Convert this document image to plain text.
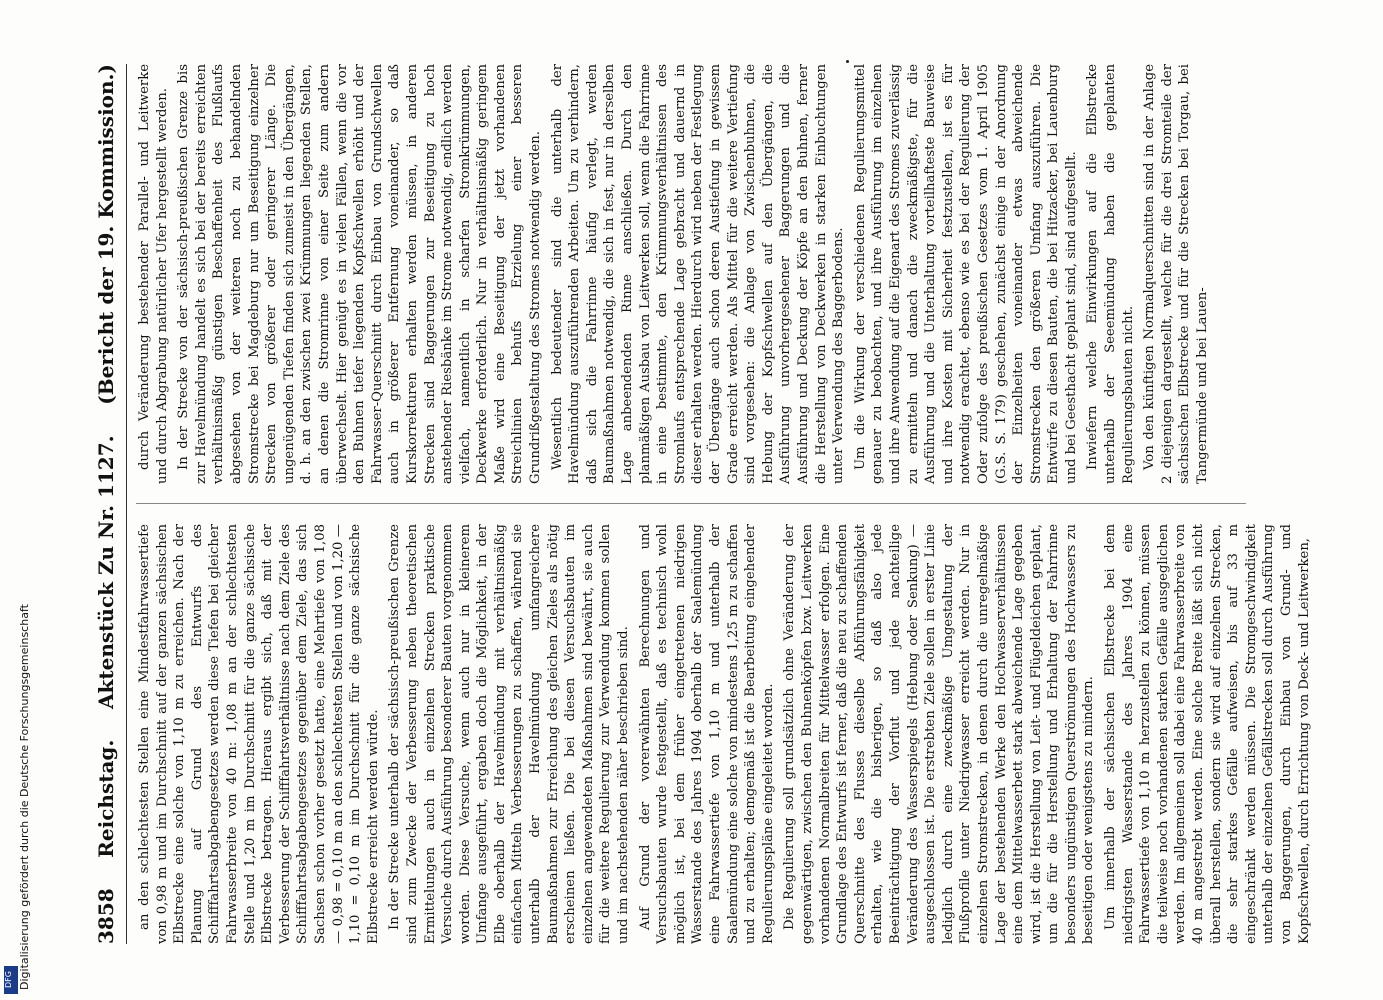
Digitalisierung gefördert durch die Deutsche Forschungsgemeinschaft
DFG
3858
Reichstag.
Aktenstück Zu Nr. 1127.
(Bericht der 19. Kommission.)

an den schlechtesten Stellen eine Mindestfahrwassertiefe von 0,98 m und im Durchschnitt auf der ganzen sächsischen Elbstrecke eine solche von 1,10 m zu erreichen. Nach der Planung auf Grund des Entwurfs des Schifffahrtsabgabengesetzes werden diese Tiefen bei gleicher Fahrwasserbreite von 40 m: 1,08 m an der schlechtesten Stelle und 1,20 m im Durchschnitt für die ganze sächsische Elbstrecke betragen. Hieraus ergibt sich, daß mit der Verbesserung der Schifffahrtsverhältnisse nach dem Ziele des Schifffahrtsabgabengesetzes gegenüber dem Ziele, das sich Sachsen schon vorher gesetzt hatte, eine Mehrtiefe von 1,08 — 0,98 = 0,10 m an den schlechtesten Stellen und von 1,20 — 1,10 = 0,10 m im Durchschnitt für die ganze sächsische Elbstrecke erreicht werden würde. In der Strecke unterhalb der sächsisch-preußischen Grenze sind zum Zwecke der Verbesserung neben theoretischen Ermittelungen auch in einzelnen Strecken praktische Versuche durch Ausführung besonderer Bauten vorgenommen worden. Diese Versuche, wenn auch nur in kleinerem Umfange ausgeführt, ergaben doch die Möglichkeit, in der Elbe oberhalb der Havelmündung mit verhältnismäßig einfachen Mitteln Verbesserungen zu schaffen, während sie unterhalb der Havelmündung umfangreichere Baumaßnahmen zur Erreichung des gleichen Zieles als nötig erscheinen ließen. Die bei diesen Versuchsbauten im einzelnen angewendeten Maßnahmen sind bewährt, sie auch für die weitere Regulierung zur Verwendung kommen sollen und im nachstehenden näher beschrieben sind. Auf Grund der vorerwähnten Berechnungen und Versuchsbauten wurde festgestellt, daß es technisch wohl möglich ist, bei dem früher eingetretenen niedrigen Wasserstande des Jahres 1904 oberhalb der Saalemündung eine Fahrwassertiefe von 1,10 m und unterhalb der Saalemündung eine solche von mindestens 1,25 m zu schaffen und zu erhalten; demgemäß ist die Bearbeitung eingehender Regulierungspläne eingeleitet worden. Die Regulierung soll grundsätzlich ohne Veränderung der gegenwärtigen, zwischen den Buhnenköpfen bzw. Leitwerken vorhandenen Normalbreiten für Mittelwasser erfolgen. Eine Grundlage des Entwurfs ist ferner, daß die neu zu schaffenden Querschnitte des Flusses dieselbe Abführungsfähigkeit erhalten, wie die bisherigen, so daß also jede Beeinträchtigung der Vorflut und jede nachteilige Veränderung des Wasserspiegels (Hebung oder Senkung) — ausgeschlossen ist. Die erstrebten Ziele sollen in erster Linie lediglich durch eine zweckmäßige Umgestaltung der Flußprofile unter Niedrigwasser erreicht werden. Nur in einzelnen Stromstrecken, in denen durch die unregelmäßige Lage der bestehenden Werke den Hochwasserverhältnissen eine dem Mittelwasserbett stark abweichende Lage gegeben wird, ist die Herstellung von Leit- und Flügeldeichen geplant, um die für die Herstellung und Erhaltung der Fahrrinne besonders ungünstigen Querströmungen des Hochwassers zu beseitigen oder wenigstens zu mindern. Um innerhalb der sächsischen Elbstrecke bei dem niedrigsten Wasserstande des Jahres 1904 eine Fahrwassertiefe von 1,10 m herzustellen zu können, müssen die teilweise noch vorhandenen starken Gefälle ausgeglichen werden. Im allgemeinen soll dabei eine Fahrwasserbreite von 40 m angestrebt werden. Eine solche Breite läßt sich nicht überall herstellen, sondern sie wird auf einzelnen Strecken, die sehr starkes Gefälle aufweisen, bis auf 33 m eingeschränkt werden müssen. Die Stromgeschwindigkeit unterhalb der einzelnen Gefällstrecken soll durch Ausführung von Baggerungen, durch Einbau von Grund- und Kopfschwellen, durch Errichtung von Deck- und Leitwerken,

durch Veränderung bestehender Parallel- und Leitwerke und durch Abgrabung natürlicher Ufer hergestellt werden. In der Strecke von der sächsisch-preußischen Grenze bis zur Havelmündung handelt es sich bei der bereits erreichten verhältnismäßig günstigen Beschaffenheit des Flußlaufs abgesehen von der weiteren noch zu behandelnden Stromstrecke bei Magdeburg nur um Beseitigung einzelner Strecken von größerer oder geringerer Länge. Die ungenügenden Tiefen finden sich zumeist in den Übergängen, d. h. an den zwischen zwei Krümmungen liegenden Stellen, an denen die Stromrinne von einer Seite zum andern überwechselt. Hier genügt es in vielen Fällen, wenn die vor den Buhnen tiefer liegenden Kopfschwellen erhöht und der Fahrwasser-Querschnitt durch Einbau von Grundschwellen auch in größerer Entfernung voneinander, so daß Kurskorrekturen erhalten werden müssen, in anderen Strecken sind Baggerungen zur Beseitigung zu hoch anstehender Riesbänke im Strome notwendig, endlich werden vielfach, namentlich in scharfen Stromkrümmungen, Deckwerke erforderlich. Nur in verhältnismäßig geringem Maße wird eine Beseitigung der jetzt vorhandenen Streichlinien behufs Erzielung einer besseren Grundrißgestaltung des Stromes notwendig werden. Wesentlich bedeutender sind die unterhalb der Havelmündung auszuführenden Arbeiten. Um zu verhindern, daß sich die Fahrrinne häufig verlegt, werden Baumaßnahmen notwendig, die sich in fest, nur in derselben Lage anbeendenden Rinne anschließen. Durch den planmäßigen Ausbau von Leitwerken soll, wenn die Fahrrinne in eine bestimmte, den Krümmungsverhältnissen des Stromlaufs entsprechende Lage gebracht und dauernd in dieser erhalten werden. Hierdurch wird neben der Festlegung der Übergänge auch schon deren Austiefung in gewissem Grade erreicht werden. Als Mittel für die weitere Vertiefung sind vorgesehen: die Anlage von Zwischenbuhnen, die Hebung der Kopfschwellen auf den Übergängen, die Ausführung unvorhergesehener Baggerungen und die Ausführung und Deckung der Köpfe an den Buhnen, ferner die Herstellung von Deckwerken in starken Einbuchtungen unter Verwendung des Baggerbodens. Um die Wirkung der verschiedenen Regulierungsmittel genauer zu beobachten, und ihre Ausführung im einzelnen und ihre Anwendung auf die Eigenart des Stromes zuverlässig zu ermitteln und danach die zweckmäßigste, für die Ausführung und die Unterhaltung vorteilhafteste Bauweise und ihre Kosten mit Sicherheit festzustellen, ist es für notwendig erachtet, ebenso wie es bei der Regulierung der Oder zufolge des preußischen Gesetzes vom 1. April 1905 (G.S. S. 179) geschehen, zunächst einige in der Anordnung der Einzelheiten voneinander etwas abweichende Stromstrecken den größeren Umfang auszuführen. Die Entwürfe zu diesen Bauten, die bei Hitzacker, bei Lauenburg und bei Geesthacht geplant sind, sind aufgestellt. Inwiefern welche Einwirkungen auf die Elbstrecke unterhalb der Seeemündung haben die geplanten Regulierungsbauten nicht. Von den künftigen Normalquerschnitten sind in der Anlage 2 diejenigen dargestellt, welche für die drei Stromteile der sächsischen Elbstrecke und für die Strecken bei Torgau, bei Tangermünde und bei Lauen-
